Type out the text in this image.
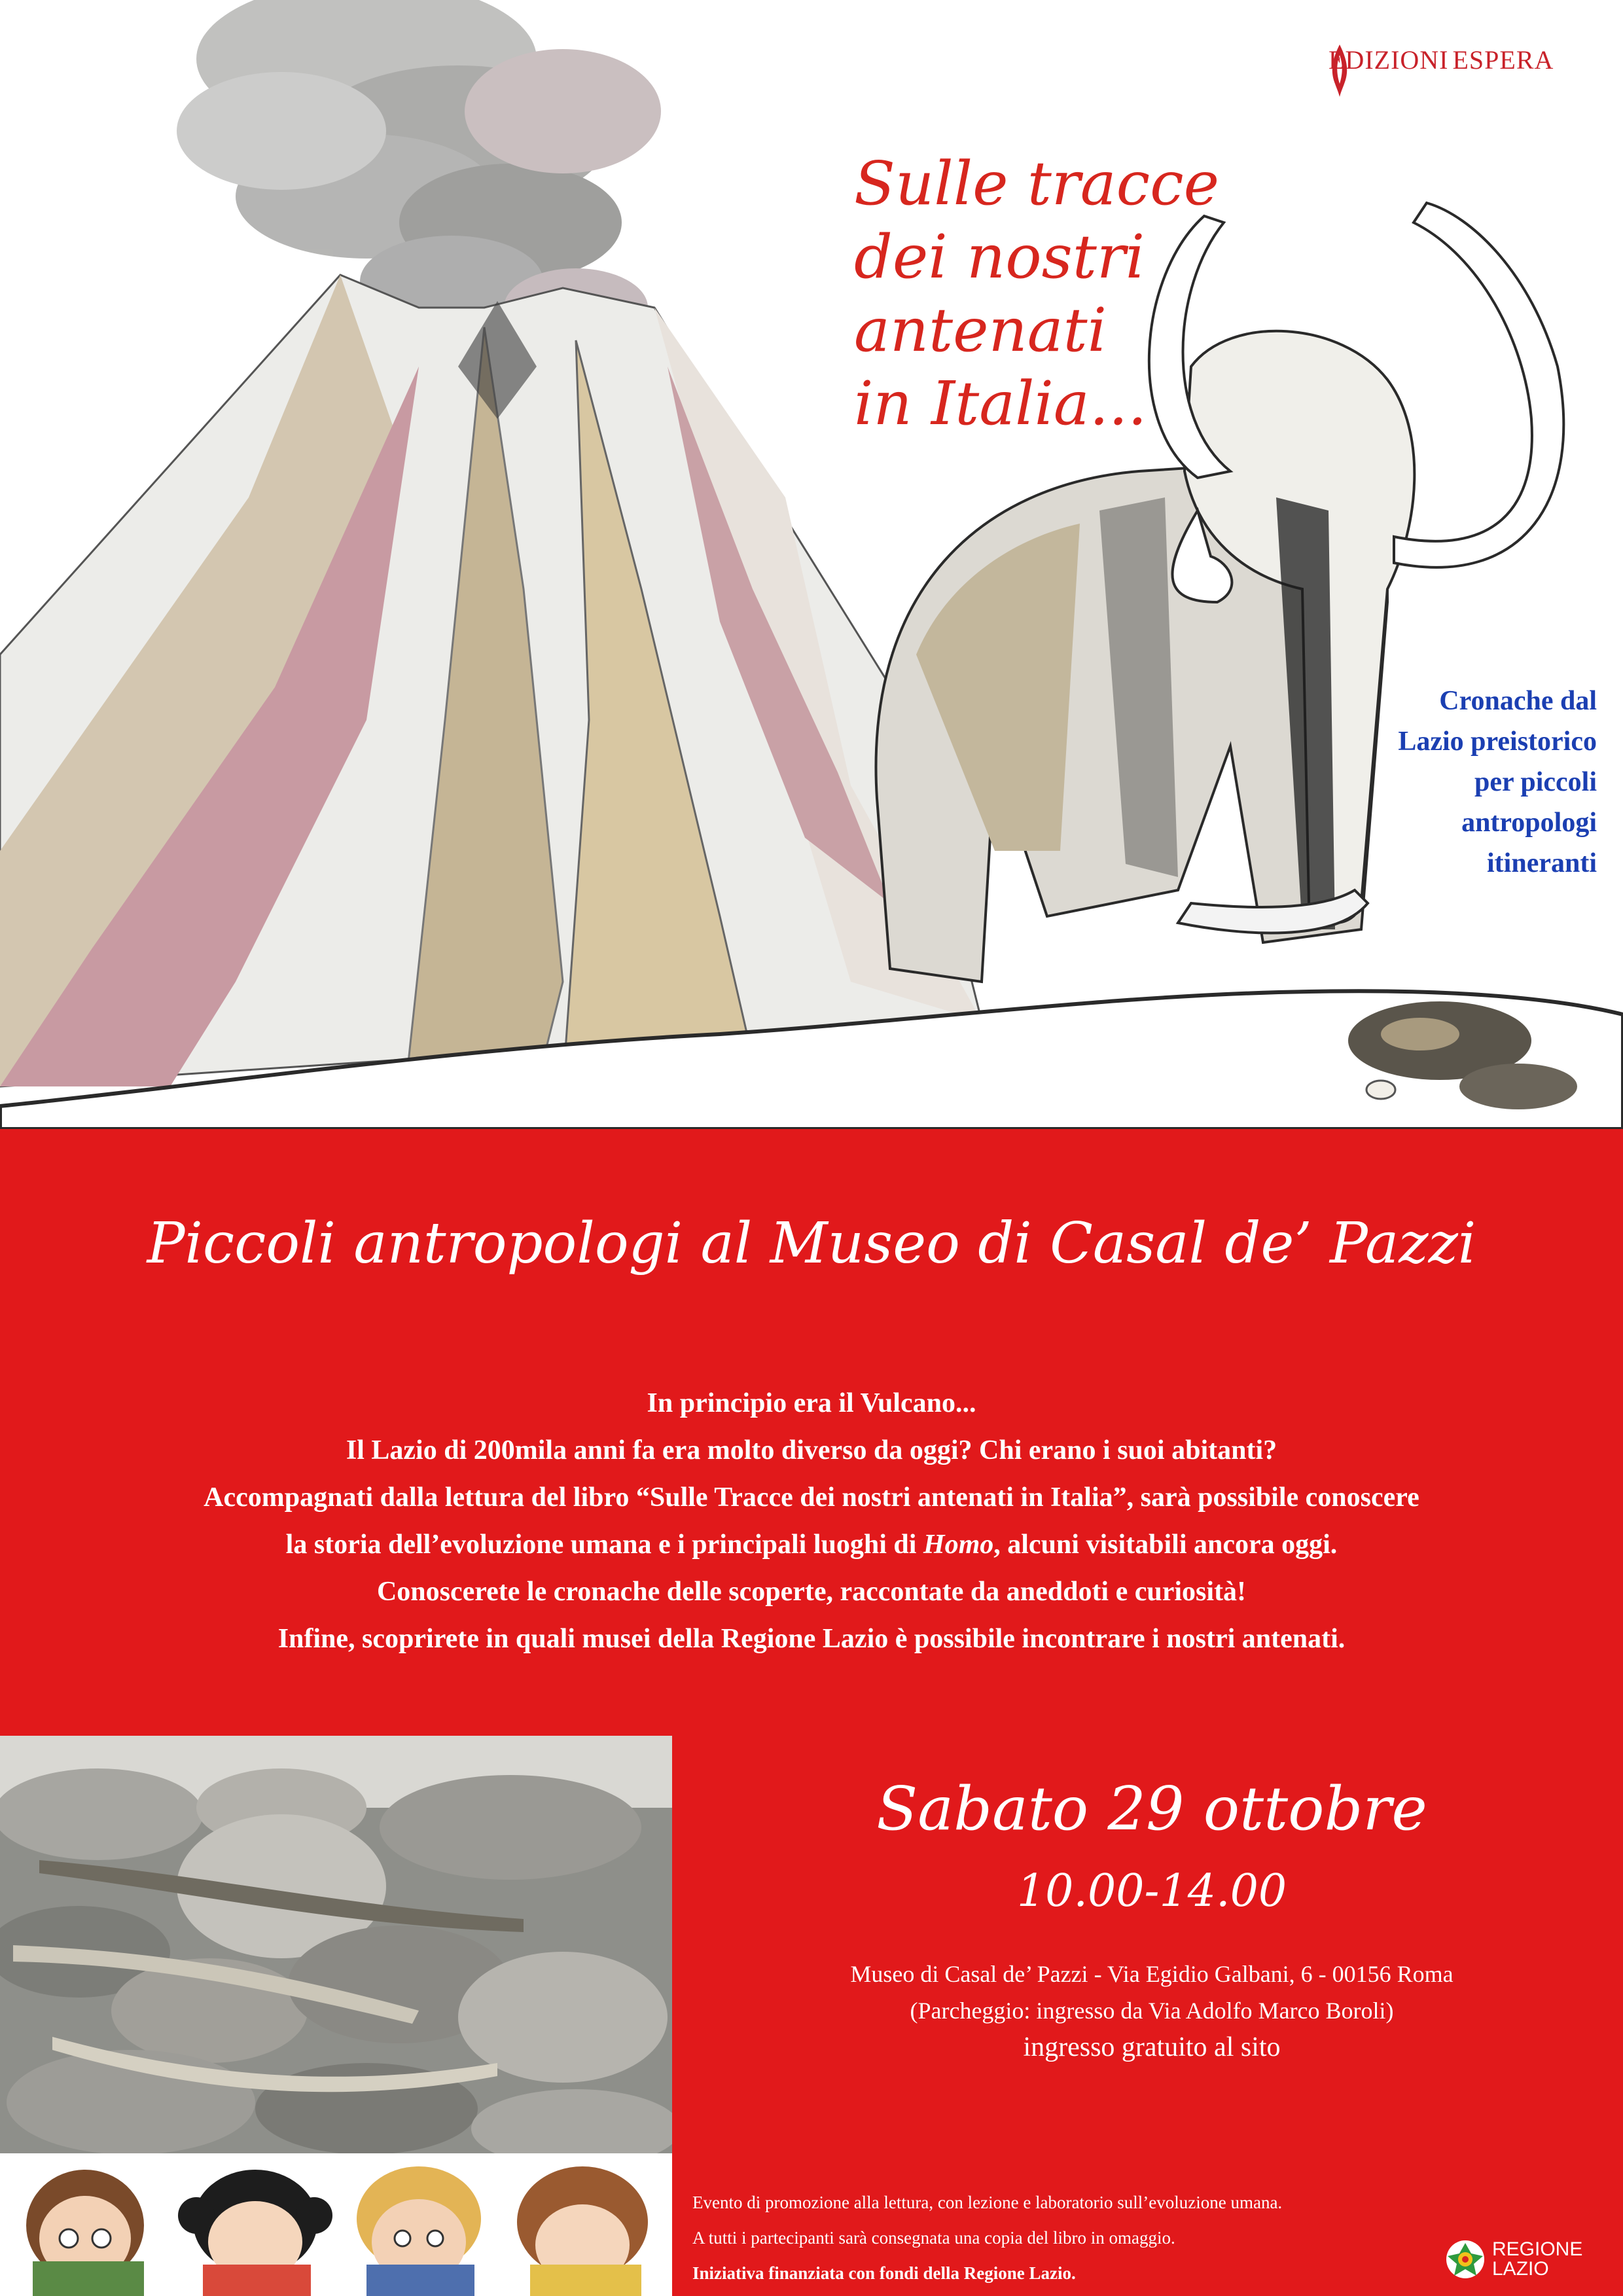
EDIZIONI ESPERA
Sulle tracce
dei nostri
antenati
in Italia...
Cronache dal
Lazio preistorico
per piccoli
antropologi
itineranti
Piccoli antropologi al Museo di Casal de’ Pazzi

In principio era il Vulcano...

Il Lazio di 200mila anni fa era molto diverso da oggi? Chi erano i suoi abitanti?

Accompagnati dalla lettura del libro “Sulle Tracce dei nostri antenati in Italia”, sarà possibile conoscere

la storia dell’evoluzione umana e i principali luoghi di Homo, alcuni visitabili ancora oggi.

Conoscerete le cronache delle scoperte, raccontate da aneddoti e curiosità!

Infine, scoprirete in quali musei della Regione Lazio è possibile incontrare i nostri antenati.

Sabato 29 ottobre
10.00-14.00
Museo di Casal de’ Pazzi - Via Egidio Galbani, 6 - 00156 Roma
(Parcheggio: ingresso da Via Adolfo Marco Boroli)
ingresso gratuito al sito
Evento di promozione alla lettura, con lezione e laboratorio sull’evoluzione umana.
A tutti i partecipanti sarà consegnata una copia del libro in omaggio.
Iniziativa finanziata con fondi della Regione Lazio.
REGIONE
LAZIO
